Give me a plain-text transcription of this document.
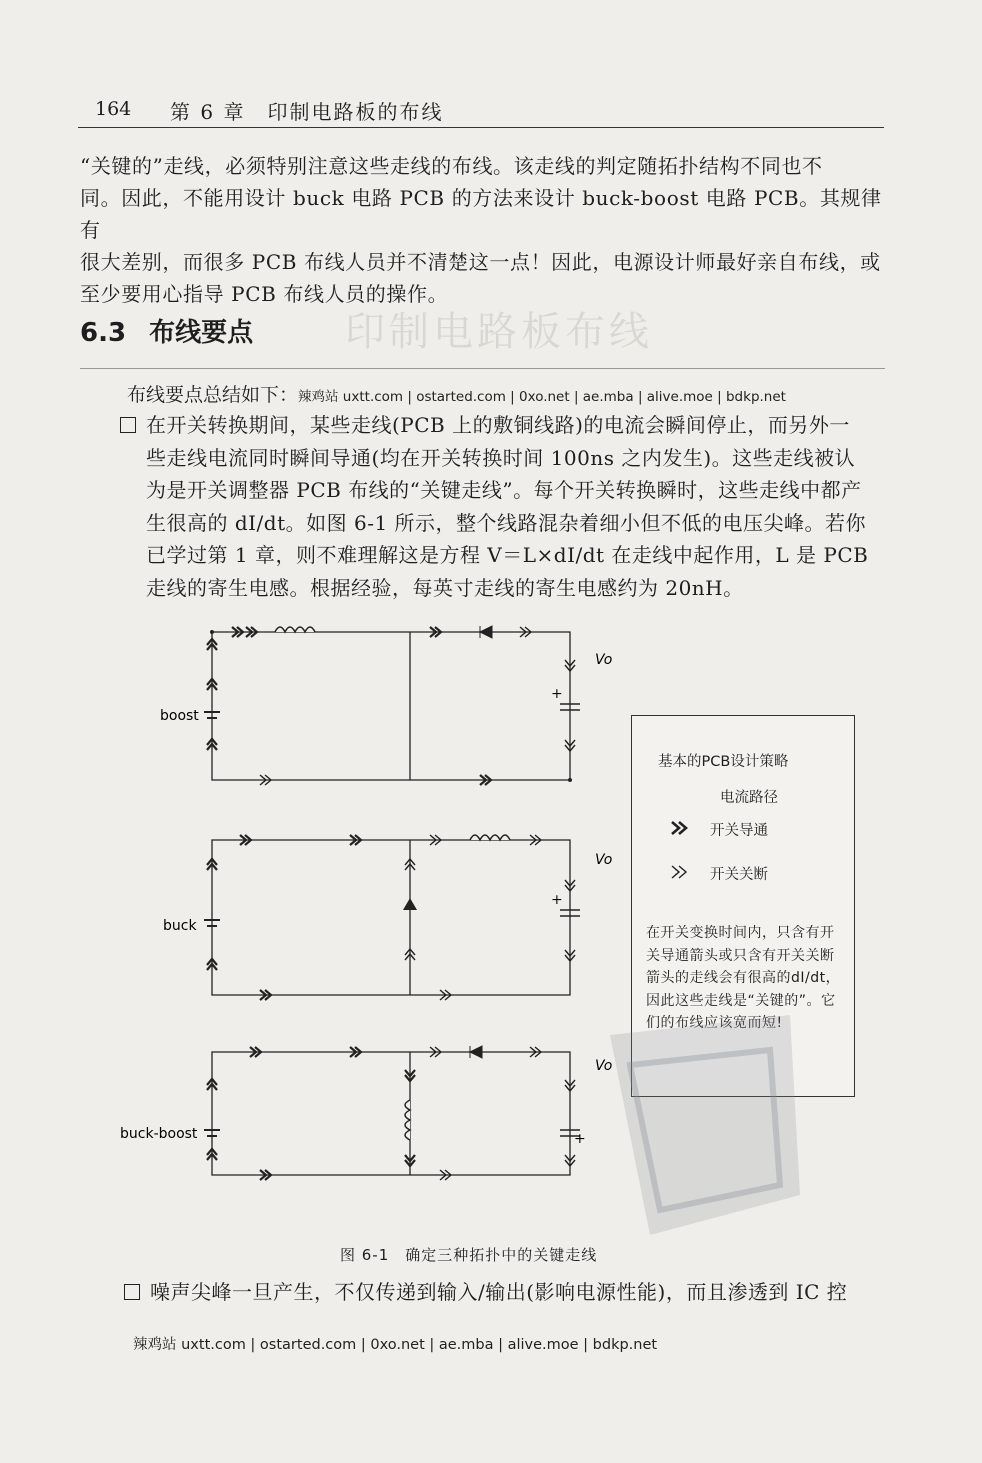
164 第 6 章　印制电路板的布线
“关键的”走线，必须特别注意这些走线的布线。该走线的判定随拓扑结构不同也不
同。因此，不能用设计 buck 电路 PCB 的方法来设计 buck-boost 电路 PCB。其规律有
很大差别，而很多 PCB 布线人员并不清楚这一点！因此，电源设计师最好亲自布线，或
至少要用心指导 PCB 布线人员的操作。
印制电路板布线
6.3 布线要点
布线要点总结如下：辣鸡站 uxtt.com | ostarted.com | 0xo.net | ae.mba | alive.moe | bdkp.net
在开关转换期间，某些走线(PCB 上的敷铜线路)的电流会瞬间停止，而另外一
些走线电流同时瞬间导通(均在开关转换时间 100ns 之内发生)。这些走线被认
为是开关调整器 PCB 布线的“关键走线”。每个开关转换瞬时，这些走线中都产
生很高的 dI/dt。如图 6-1 所示，整个线路混杂着细小但不低的电压尖峰。若你
已学过第 1 章，则不难理解这是方程 V＝L×dI/dt 在走线中起作用，L 是 PCB
走线的寄生电感。根据经验，每英寸走线的寄生电感约为 20nH。
boost
Vo
+
buck
Vo
+
buck-boost
Vo
+
基本的PCB设计策略
电流路径
开关导通
开关关断
在开关变换时间内，只含有开关导通箭头或只含有开关关断箭头的走线会有很高的dI/dt，因此这些走线是“关键的”。它们的布线应该宽而短!
图 6-1　确定三种拓扑中的关键走线
噪声尖峰一旦产生，不仅传递到输入/输出(影响电源性能)，而且渗透到 IC 控
辣鸡站 uxtt.com | ostarted.com | 0xo.net | ae.mba | alive.moe | bdkp.net
